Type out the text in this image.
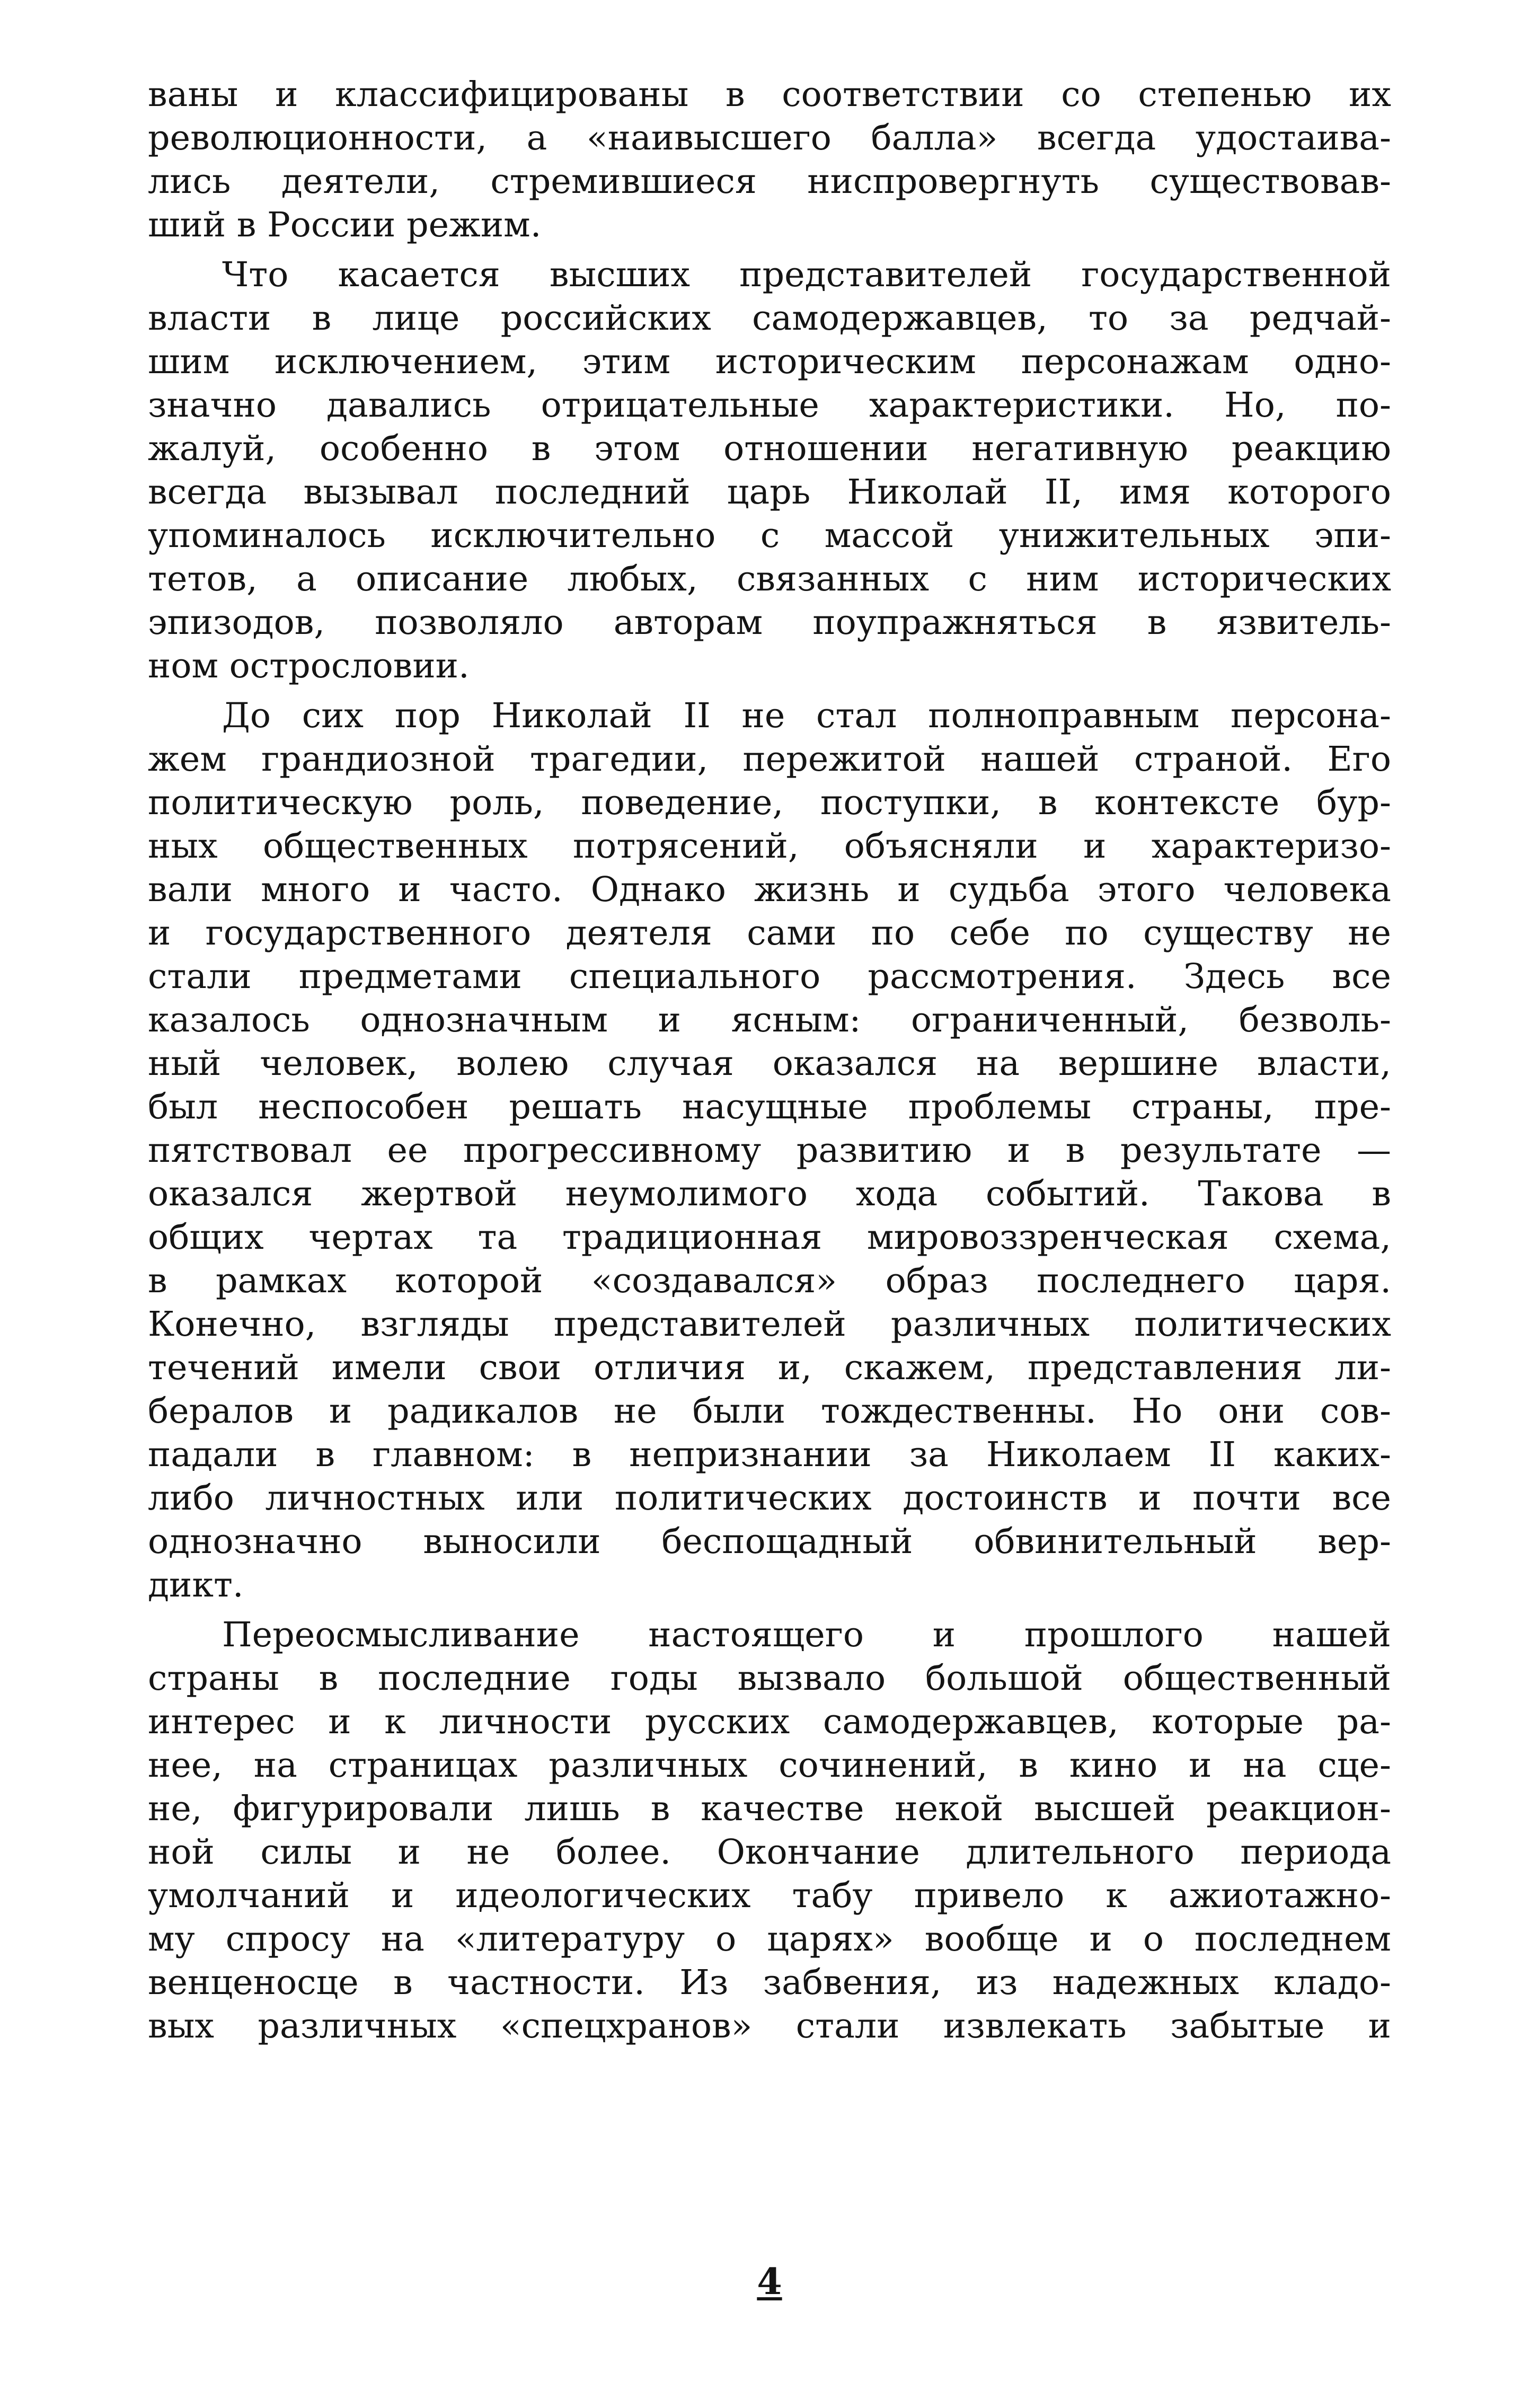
ваны и классифицированы в соответствии со степенью их
революционности, а «наивысшего балла» всегда удостаива-
лись деятели, стремившиеся ниспровергнуть существовав-
ший в России режим.
Что касается высших представителей государственной
власти в лице российских самодержавцев, то за редчай-
шим исключением, этим историческим персонажам одно-
значно давались отрицательные характеристики. Но, по-
жалуй, особенно в этом отношении негативную реакцию
всегда вызывал последний царь Николай II, имя которого
упоминалось исключительно с массой унижительных эпи-
тетов, а описание любых, связанных с ним исторических
эпизодов, позволяло авторам поупражняться в язвитель-
ном острословии.
До сих пор Николай II не стал полноправным персона-
жем грандиозной трагедии, пережитой нашей страной. Его
политическую роль, поведение, поступки, в контексте бур-
ных общественных потрясений, объясняли и характеризо-
вали много и часто. Однако жизнь и судьба этого человека
и государственного деятеля сами по себе по существу не
стали предметами специального рассмотрения. Здесь все
казалось однозначным и ясным: ограниченный, безволь-
ный человек, волею случая оказался на вершине власти,
был неспособен решать насущные проблемы страны, пре-
пятствовал ее прогрессивному развитию и в результате —
оказался жертвой неумолимого хода событий. Такова в
общих чертах та традиционная мировоззренческая схема,
в рамках которой «создавался» образ последнего царя.
Конечно, взгляды представителей различных политических
течений имели свои отличия и, скажем, представления ли-
бералов и радикалов не были тождественны. Но они сов-
падали в главном: в непризнании за Николаем II каких-
либо личностных или политических достоинств и почти все
однозначно выносили беспощадный обвинительный вер-
дикт.
Переосмысливание настоящего и прошлого нашей
страны в последние годы вызвало большой общественный
интерес и к личности русских самодержавцев, которые ра-
нее, на страницах различных сочинений, в кино и на сце-
не, фигурировали лишь в качестве некой высшей реакцион-
ной силы и не более. Окончание длительного периода
умолчаний и идеологических табу привело к ажиотажно-
му спросу на «литературу о царях» вообще и о последнем
венценосце в частности. Из забвения, из надежных кладо-
вых различных «спецхранов» стали извлекать забытые и
4
